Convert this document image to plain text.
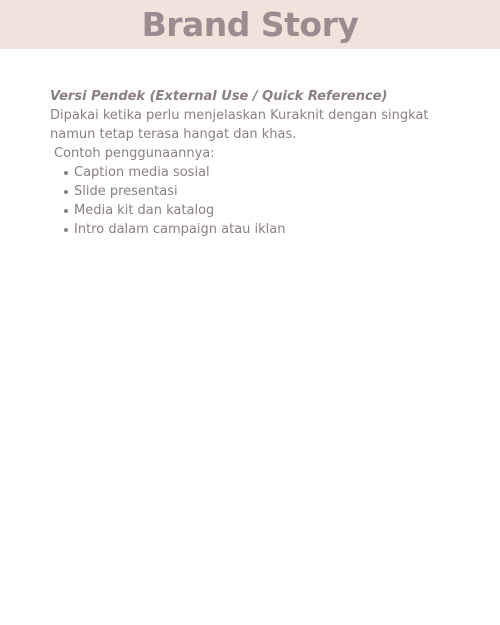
Brand Story

Versi Pendek (External Use / Quick Reference)

Dipakai ketika perlu menjelaskan Kuraknit dengan singkat namun tetap terasa hangat dan khas.

Contoh penggunaannya:

Caption media sosial
Slide presentasi
Media kit dan katalog
Intro dalam campaign atau iklan
